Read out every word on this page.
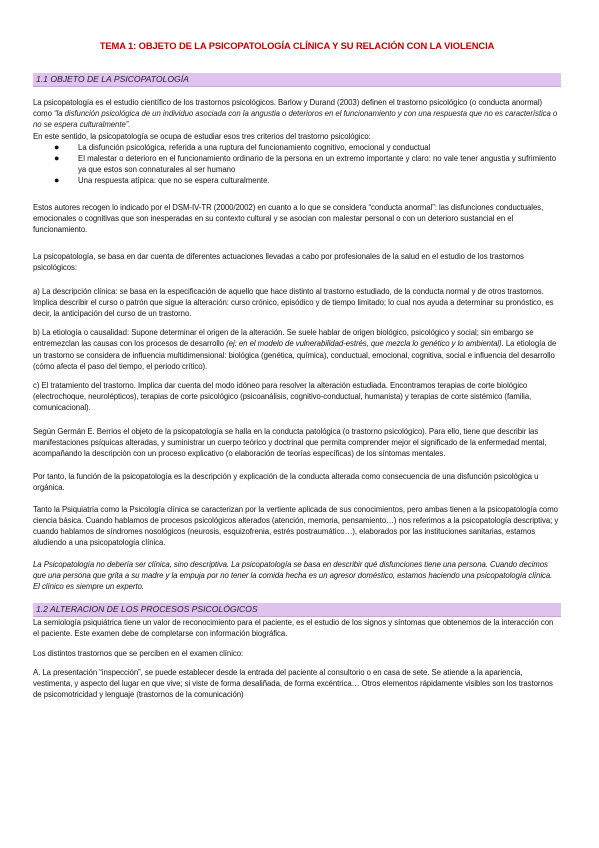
TEMA 1: OBJETO DE LA PSICOPATOLOGÍA CLÍNICA Y SU RELACIÓN CON LA VIOLENCIA
1.1 OBJETO DE LA PSICOPATOLOGÍA

La psicopatología es el estudio científico de los trastornos psicológicos. Barlow y Durand (2003) definen el trastorno psicológico (o conducta anormal) como “la disfunción psicológica de un individuo asociada con la angustia o deterioros en el funcionamiento y con una respuesta que no es característica o no se espera culturalmente”.

En este sentido, la psicopatología se ocupa de estudiar esos tres criterios del trastorno psicológico:

● La disfunción psicológica, referida a una ruptura del funcionamiento cognitivo, emocional y conductual
● El malestar o deterioro en el funcionamiento ordinario de la persona en un extremo importante y claro: no vale tener angustia y sufrimiento ya que estos son connaturales al ser humano
● Una respuesta atípica: que no se espera culturalmente.

Estos autores recogen lo indicado por el DSM-IV-TR (2000/2002) en cuanto a lo que se considera “conducta anormal”: las disfunciones conductuales, emocionales o cognitivas que son inesperadas en su contexto cultural y se asocian con malestar personal o con un deterioro sustancial en el funcionamiento.

La psicopatología, se basa en dar cuenta de diferentes actuaciones llevadas a cabo por profesionales de la salud en el estudio de los trastornos psicológicos:

a) La descripción clínica: se basa en la especificación de aquello que hace distinto al trastorno estudiado, de la conducta normal y de otros trastornos. Implica describir el curso o patrón que sigue la alteración: curso crónico, episódico y de tiempo limitado; lo cual nos ayuda a determinar su pronóstico, es decir, la anticipación del curso de un trastorno.

b) La etiología o causalidad: Supone determinar el origen de la alteración. Se suele hablar de origen biológico, psicológico y social; sin embargo se entremezclan las causas con los procesos de desarrollo (ej: en el modelo de vulnerabilidad-estrés, que mezcla lo genético y lo ambiental). La etiología de un trastorno se considera de influencia multidimensional: biológica (genética, química), conductual, emocional, cognitiva, social e influencia del desarrollo (cómo afecta el paso del tiempo, el periodo crítico).

c) El tratamiento del trastorno. Implica dar cuenta del modo idóneo para resolver la alteración estudiada. Encontramos terapias de corte biológico (electrochoque, neurolépticos), terapias de corte psicológico (psicoanálisis, cognitivo-conductual, humanista) y terapias de corte sistémico (familia, comunicacional).

Según Germán E. Berrios el objeto de la psicopatología se halla en la conducta patológica (o trastorno psicológico). Para ello, tiene que describir las manifestaciones psíquicas alteradas, y suministrar un cuerpo teórico y doctrinal que permita comprender mejor el significado de la enfermedad mental, acompañando la descripción con un proceso explicativo (o elaboración de teorías específicas) de los síntomas mentales.

Por tanto, la función de la psicopatología es la descripción y explicación de la conducta alterada como consecuencia de una disfunción psicológica u orgánica.

Tanto la Psiquiatría como la Psicología clínica se caracterizan por la vertiente aplicada de sus conocimientos, pero ambas tienen a la psicopatología como ciencia básica. Cuando hablamos de procesos psicológicos alterados (atención, memoria, pensamiento…) nos referimos a la psicopatología descriptiva; y cuando hablamos de síndromes nosológicos (neurosis, esquizofrenia, estrés postraumático…), elaborados por las instituciones sanitarias, estamos aludiendo a una psicopatología clínica.

La Psicopatología no debería ser clínica, sino descriptiva. La psicopatología se basa en describir qué disfunciones tiene una persona. Cuando decimos que una persona que grita a su madre y la empuja por no tener la comida hecha es un agresor doméstico, estamos haciendo una psicopatología clínica. El clínico es siempre un experto.

1.2 ALTERACION DE LOS PROCESOS PSICOLÓGICOS

La semiología psiquiátrica tiene un valor de reconocimiento para el paciente, es el estudio de los signos y síntomas que obtenemos de la interacción con el paciente. Este examen debe de completarse con información biográfica.

Los distintos trastornos que se perciben en el examen clínico:

A. La presentación “inspección”, se puede establecer desde la entrada del paciente al consultorio o en casa de sete. Se atiende a la apariencia, vestimenta, y aspecto del lugar en que vive; si viste de forma desaliñada, de forma excéntrica… Otros elementos rápidamente visibles son los trastornos de psicomotricidad y lenguaje (trastornos de la comunicación)
